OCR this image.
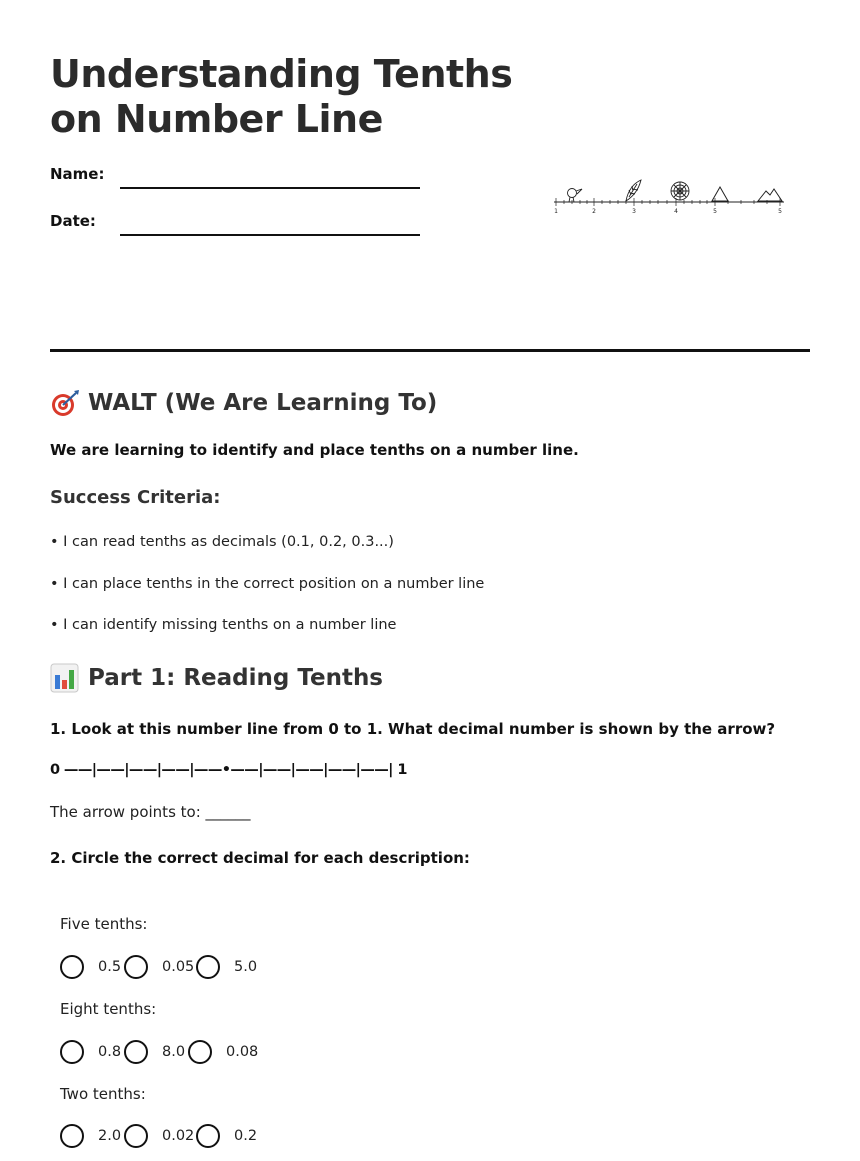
Understanding Tenths
on Number Line
Name:
Date:
1	2	3	4	5	5
WALT (We Are Learning To)
We are learning to identify and place tenths on a number line.
Success Criteria:
• I can read tenths as decimals (0.1, 0.2, 0.3...)
• I can place tenths in the correct position on a number line
• I can identify missing tenths on a number line
Part 1: Reading Tenths
1. Look at this number line from 0 to 1. What decimal number is shown by the arrow?
0 ——|——|——|——|——•——|——|——|——|——| 1
The arrow points to: ______
2. Circle the correct decimal for each description:
Five tenths:
0.5	0.05	5.0
Eight tenths:
0.8	8.0	0.08
Two tenths:
2.0	0.02	0.2
